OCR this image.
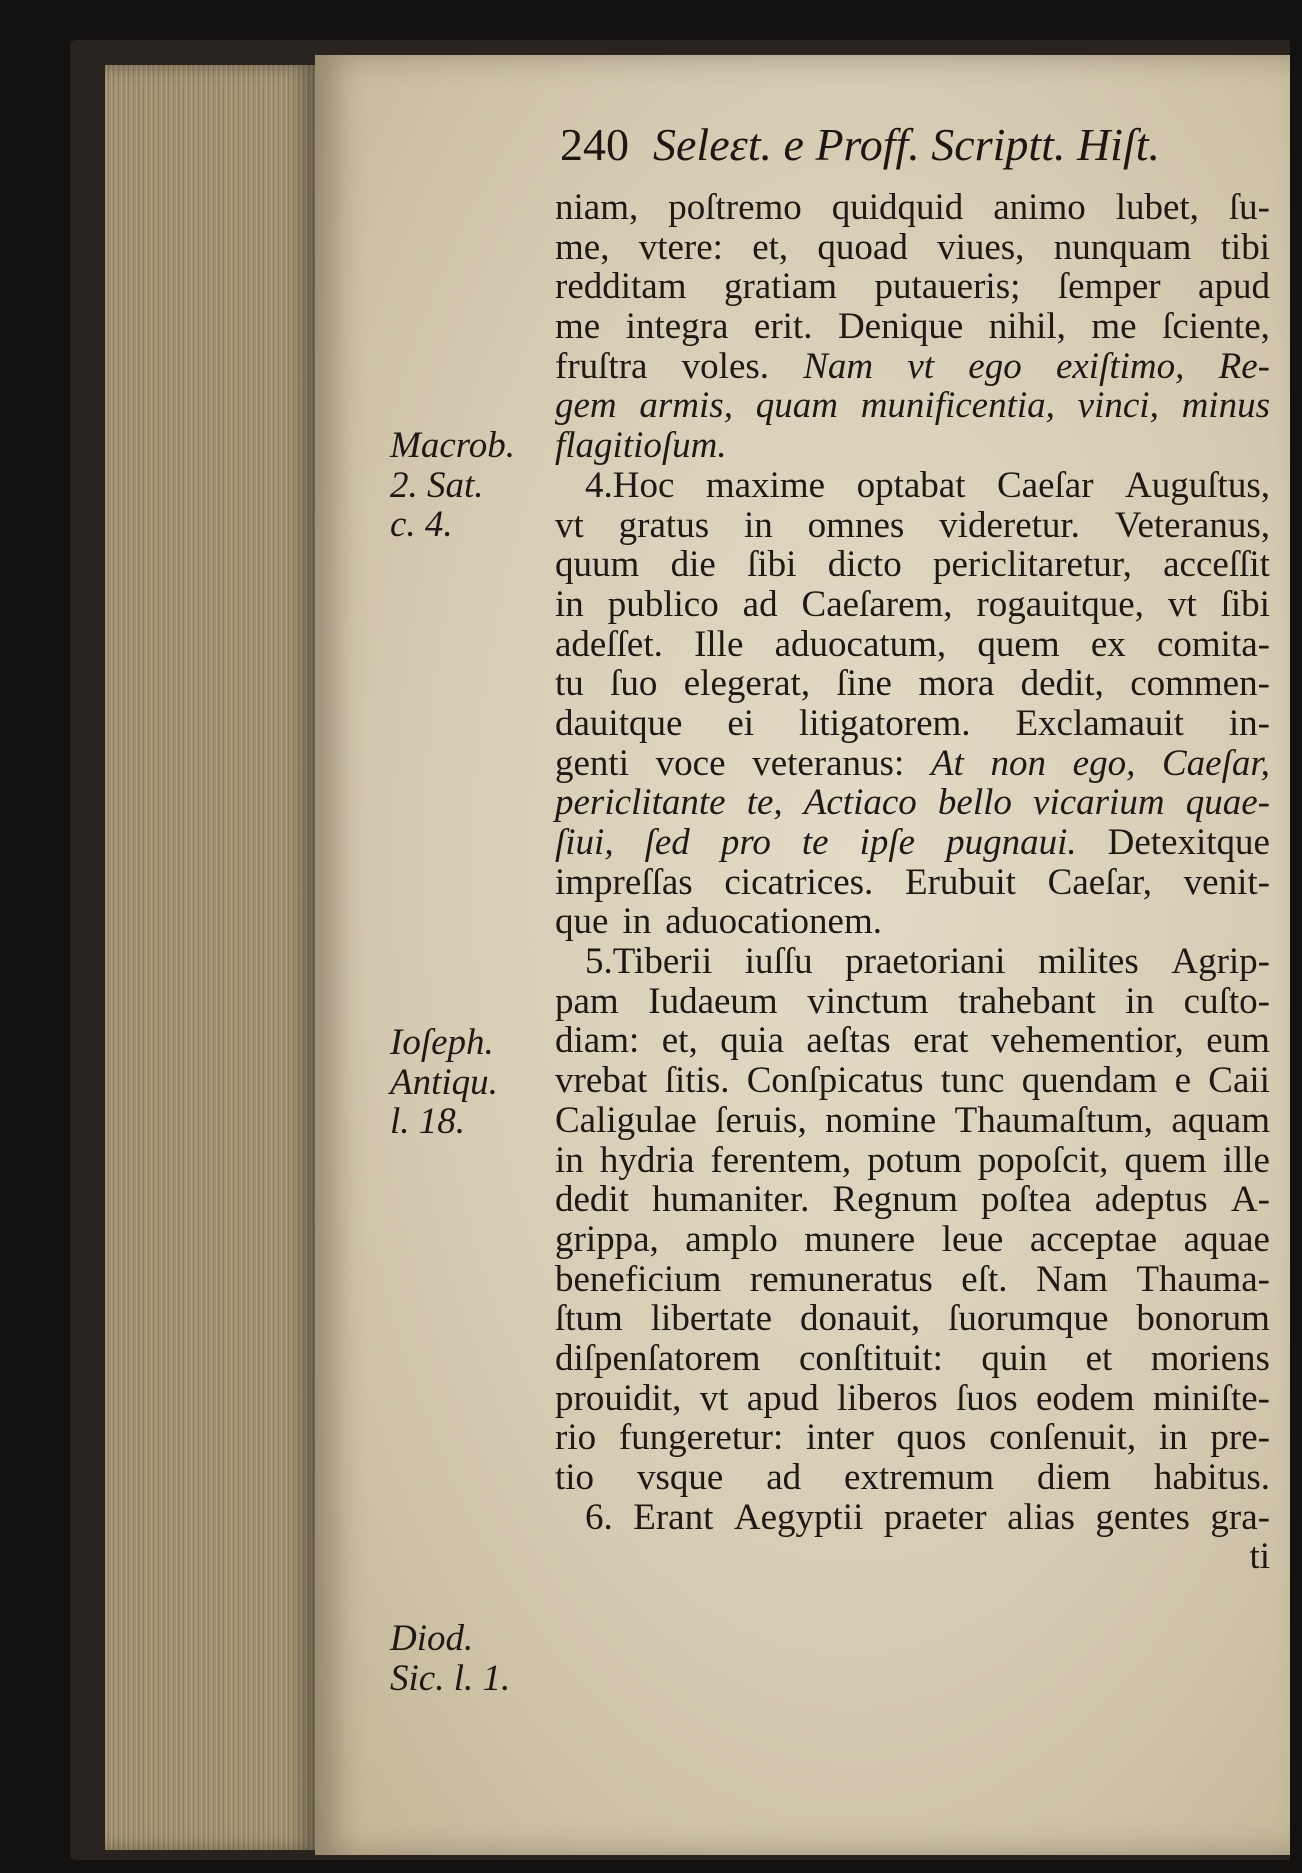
240 Seleɛt. e Proff. Scriptt. Hiſt.
Macrob.
2. Sat.
c. 4.
Ioſeph.
Antiqu.
l. 18.
Diod.
Sic. l. 1.
niam, poſtremo quidquid animo lubet, ſu-
me, vtere: et, quoad viues, nunquam tibi
redditam gratiam putaueris; ſemper apud
me integra erit. Denique nihil, me ſciente,
fruſtra voles. Nam vt ego exiſtimo, Re-
gem armis, quam munificentia, vinci, minus
flagitioſum.
4.Hoc maxime optabat Caeſar Auguſtus,
vt gratus in omnes videretur. Veteranus,
quum die ſibi dicto periclitaretur, acceſſit
in publico ad Caeſarem, rogauitque, vt ſibi
adeſſet. Ille aduocatum, quem ex comita-
tu ſuo elegerat, ſine mora dedit, commen-
dauitque ei litigatorem. Exclamauit in-
genti voce veteranus: At non ego, Caeſar,
periclitante te, Actiaco bello vicarium quae-
ſiui, ſed pro te ipſe pugnaui. Detexitque
impreſſas cicatrices. Erubuit Caeſar, venit-
que in aduocationem.
5.Tiberii iuſſu praetoriani milites Agrip-
pam Iudaeum vinctum trahebant in cuſto-
diam: et, quia aeſtas erat vehementior, eum
vrebat ſitis. Conſpicatus tunc quendam e Caii
Caligulae ſeruis, nomine Thaumaſtum, aquam
in hydria ferentem, potum popoſcit, quem ille
dedit humaniter. Regnum poſtea adeptus A-
grippa, amplo munere leue acceptae aquae
beneficium remuneratus eſt. Nam Thauma-
ſtum libertate donauit, ſuorumque bonorum
diſpenſatorem conſtituit: quin et moriens
prouidit, vt apud liberos ſuos eodem miniſte-
rio fungeretur: inter quos conſenuit, in pre-
tio vsque ad extremum diem habitus.
6. Erant Aegyptii praeter alias gentes gra-
ti
